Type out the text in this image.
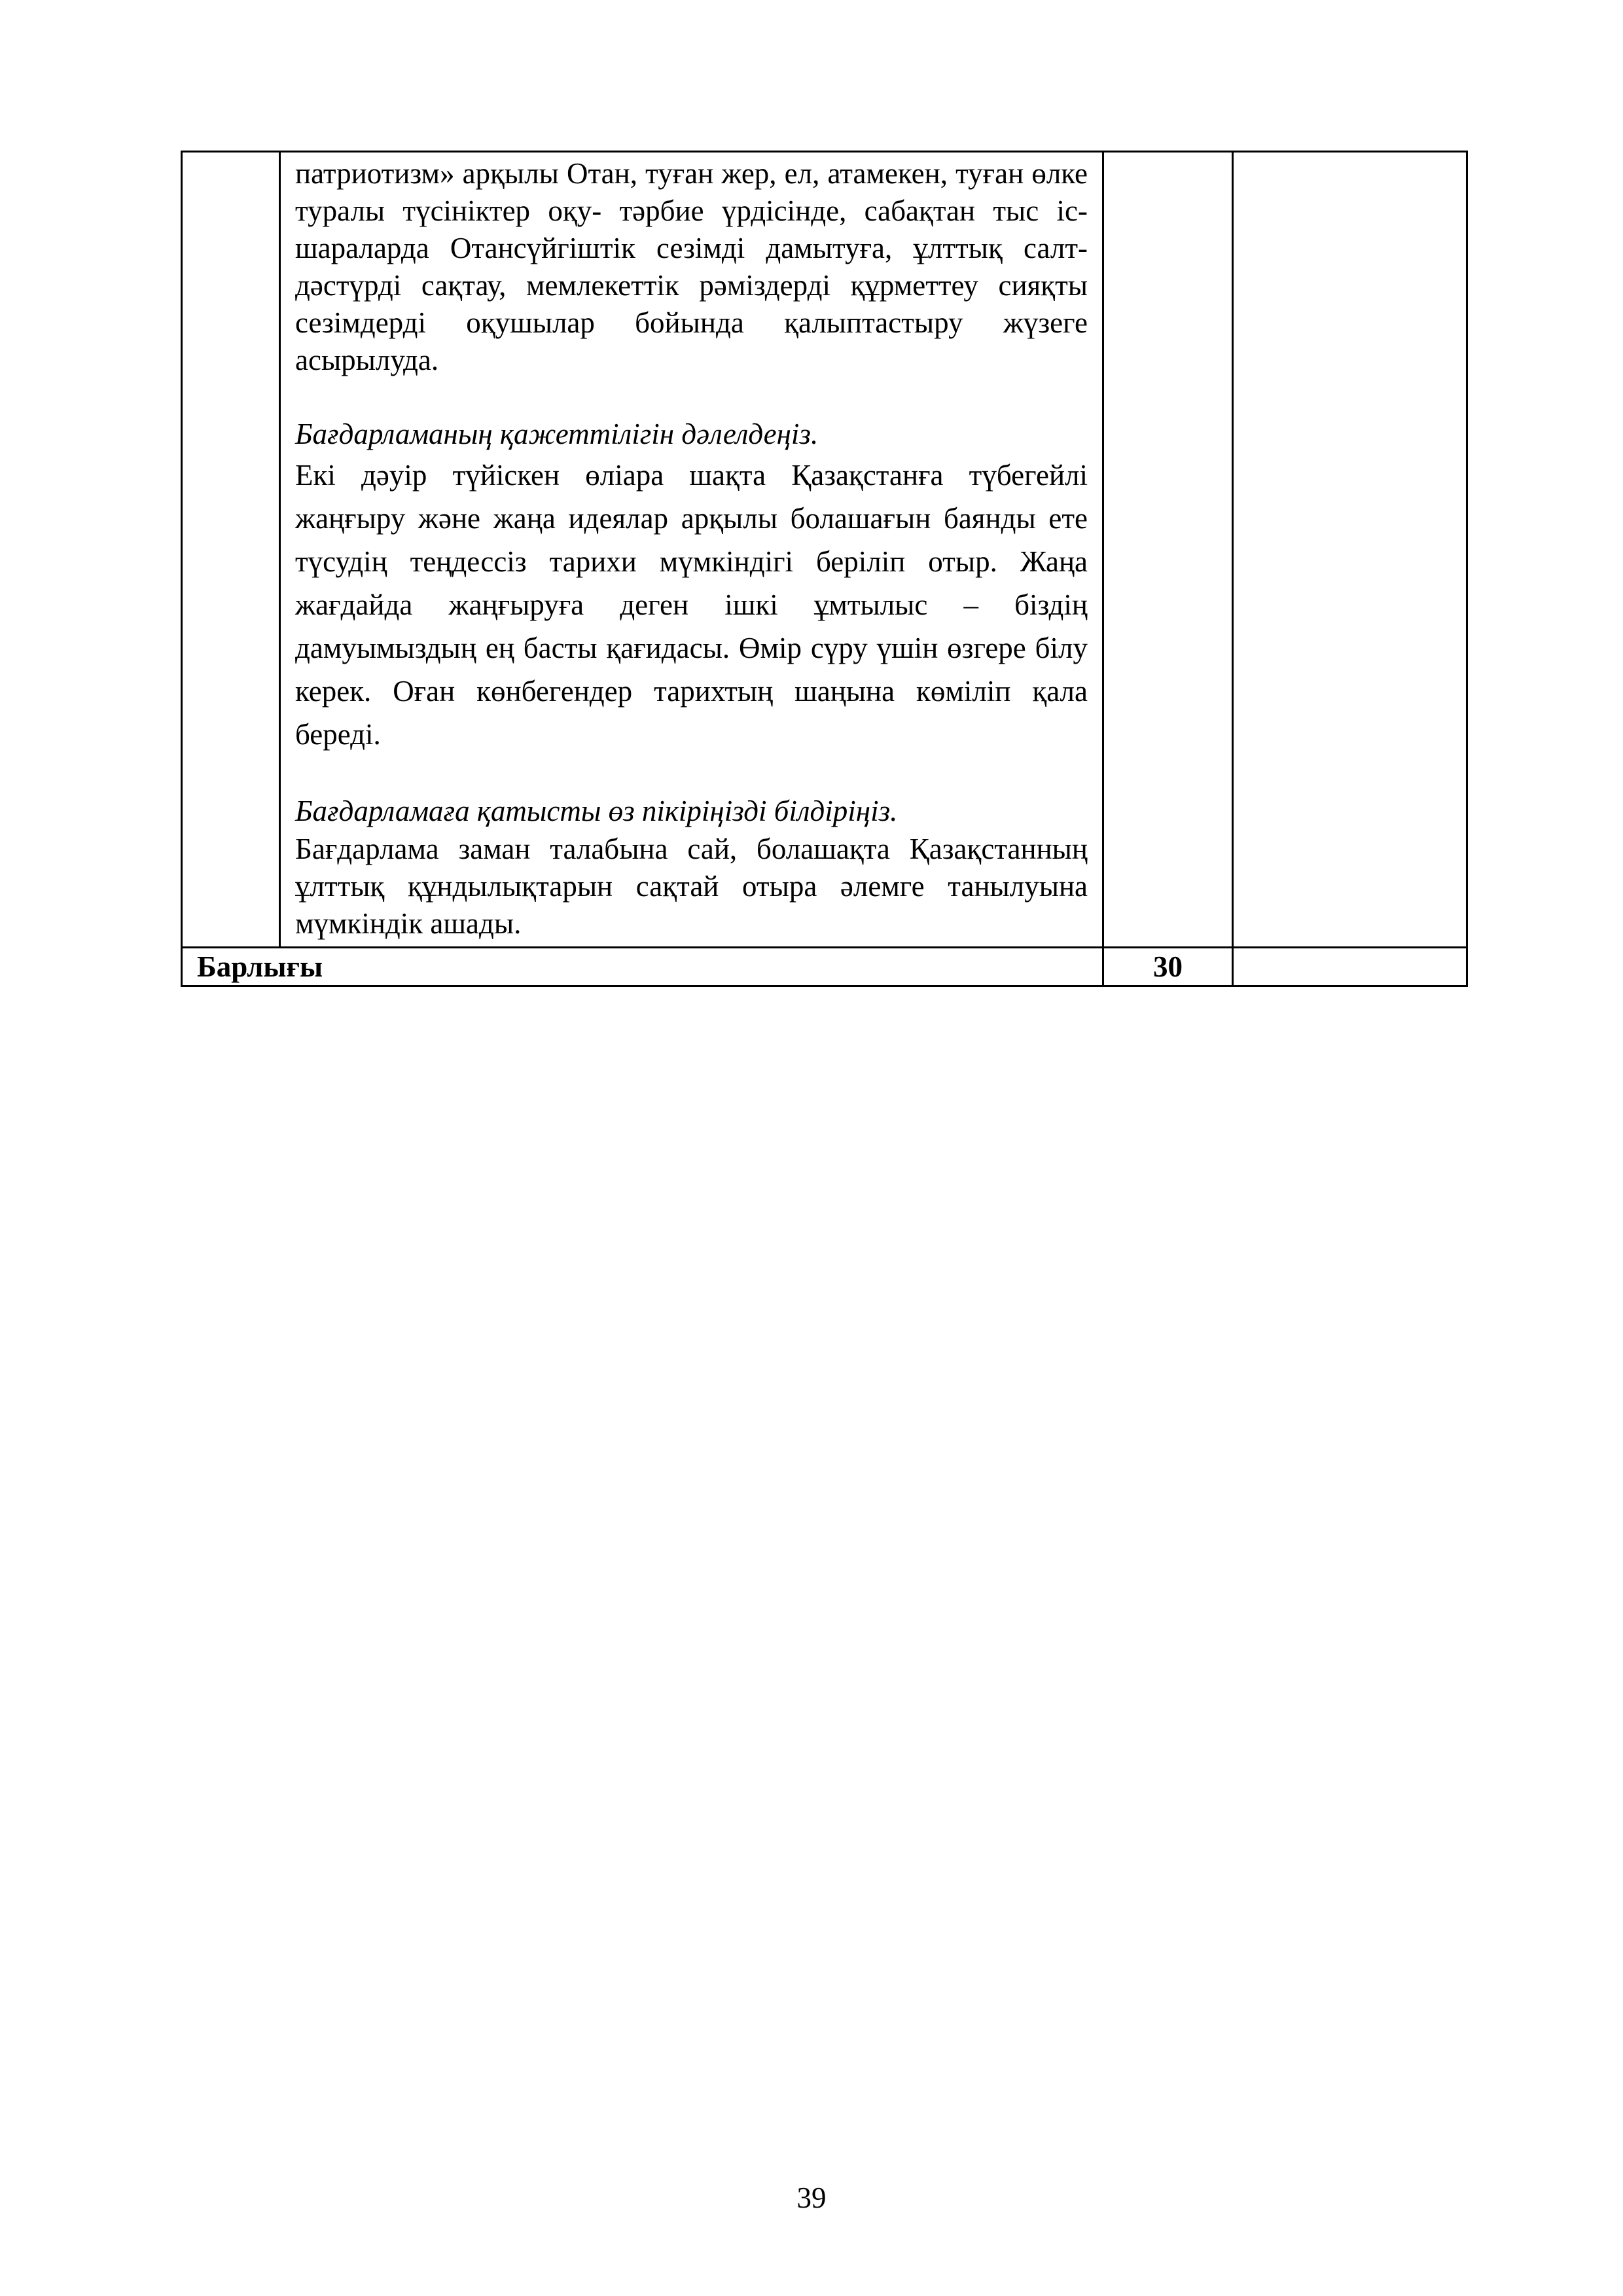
	патриотизм» арқылы Отан, туған жер, ел, атамекен, туған өлке туралы түсініктер оқу- тәрбие үрдісінде, сабақтан тыс іс- шараларда Отансүйгіштік сезімді дамытуға, ұлттық салт- дәстүрді сақтау, мемлекеттік рәміздерді құрметтеу сияқты сезімдерді оқушылар бойында қалыптастыру жүзеге асырылуда.

Бағдарламаның қажеттілігін дәлелдеңіз.

Екі дәуір түйіскен өліара шақта Қазақстанға түбегейлі жаңғыру және жаңа идеялар арқылы болашағын баянды ете түсудің теңдессіз тарихи мүмкіндігі беріліп отыр. Жаңа жағдайда жаңғыруға деген ішкі ұмтылыс – біздің дамуымыздың ең басты қағидасы. Өмір сүру үшін өзгере білу керек. Оған көнбегендер тарихтың шаңына көміліп қала береді.

Бағдарламаға қатысты өз пікіріңізді білдіріңіз.

Бағдарлама заман талабына сай, болашақта Қазақстанның ұлттық құндылықтарын сақтай отыра әлемге танылуына мүмкіндік ашады.		

Барлығы		30	
39
